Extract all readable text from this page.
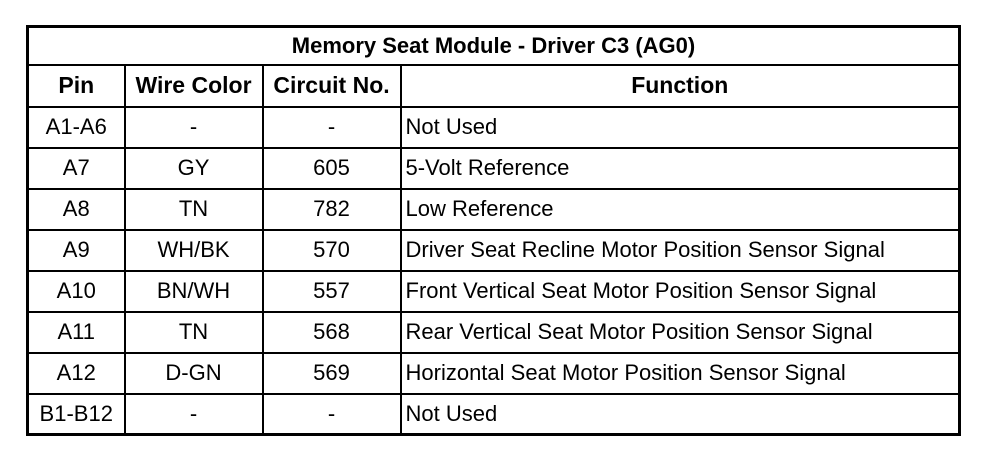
Memory Seat Module - Driver C3 (AG0)			
Pin	Wire Color	Circuit No.	Function
A1-A6	-	-	Not Used
A7	GY	605	5-Volt Reference
A8	TN	782	Low Reference
A9	WH/BK	570	Driver Seat Recline Motor Position Sensor Signal
A10	BN/WH	557	Front Vertical Seat Motor Position Sensor Signal
A11	TN	568	Rear Vertical Seat Motor Position Sensor Signal
A12	D-GN	569	Horizontal Seat Motor Position Sensor Signal
B1-B12	-	-	Not Used
